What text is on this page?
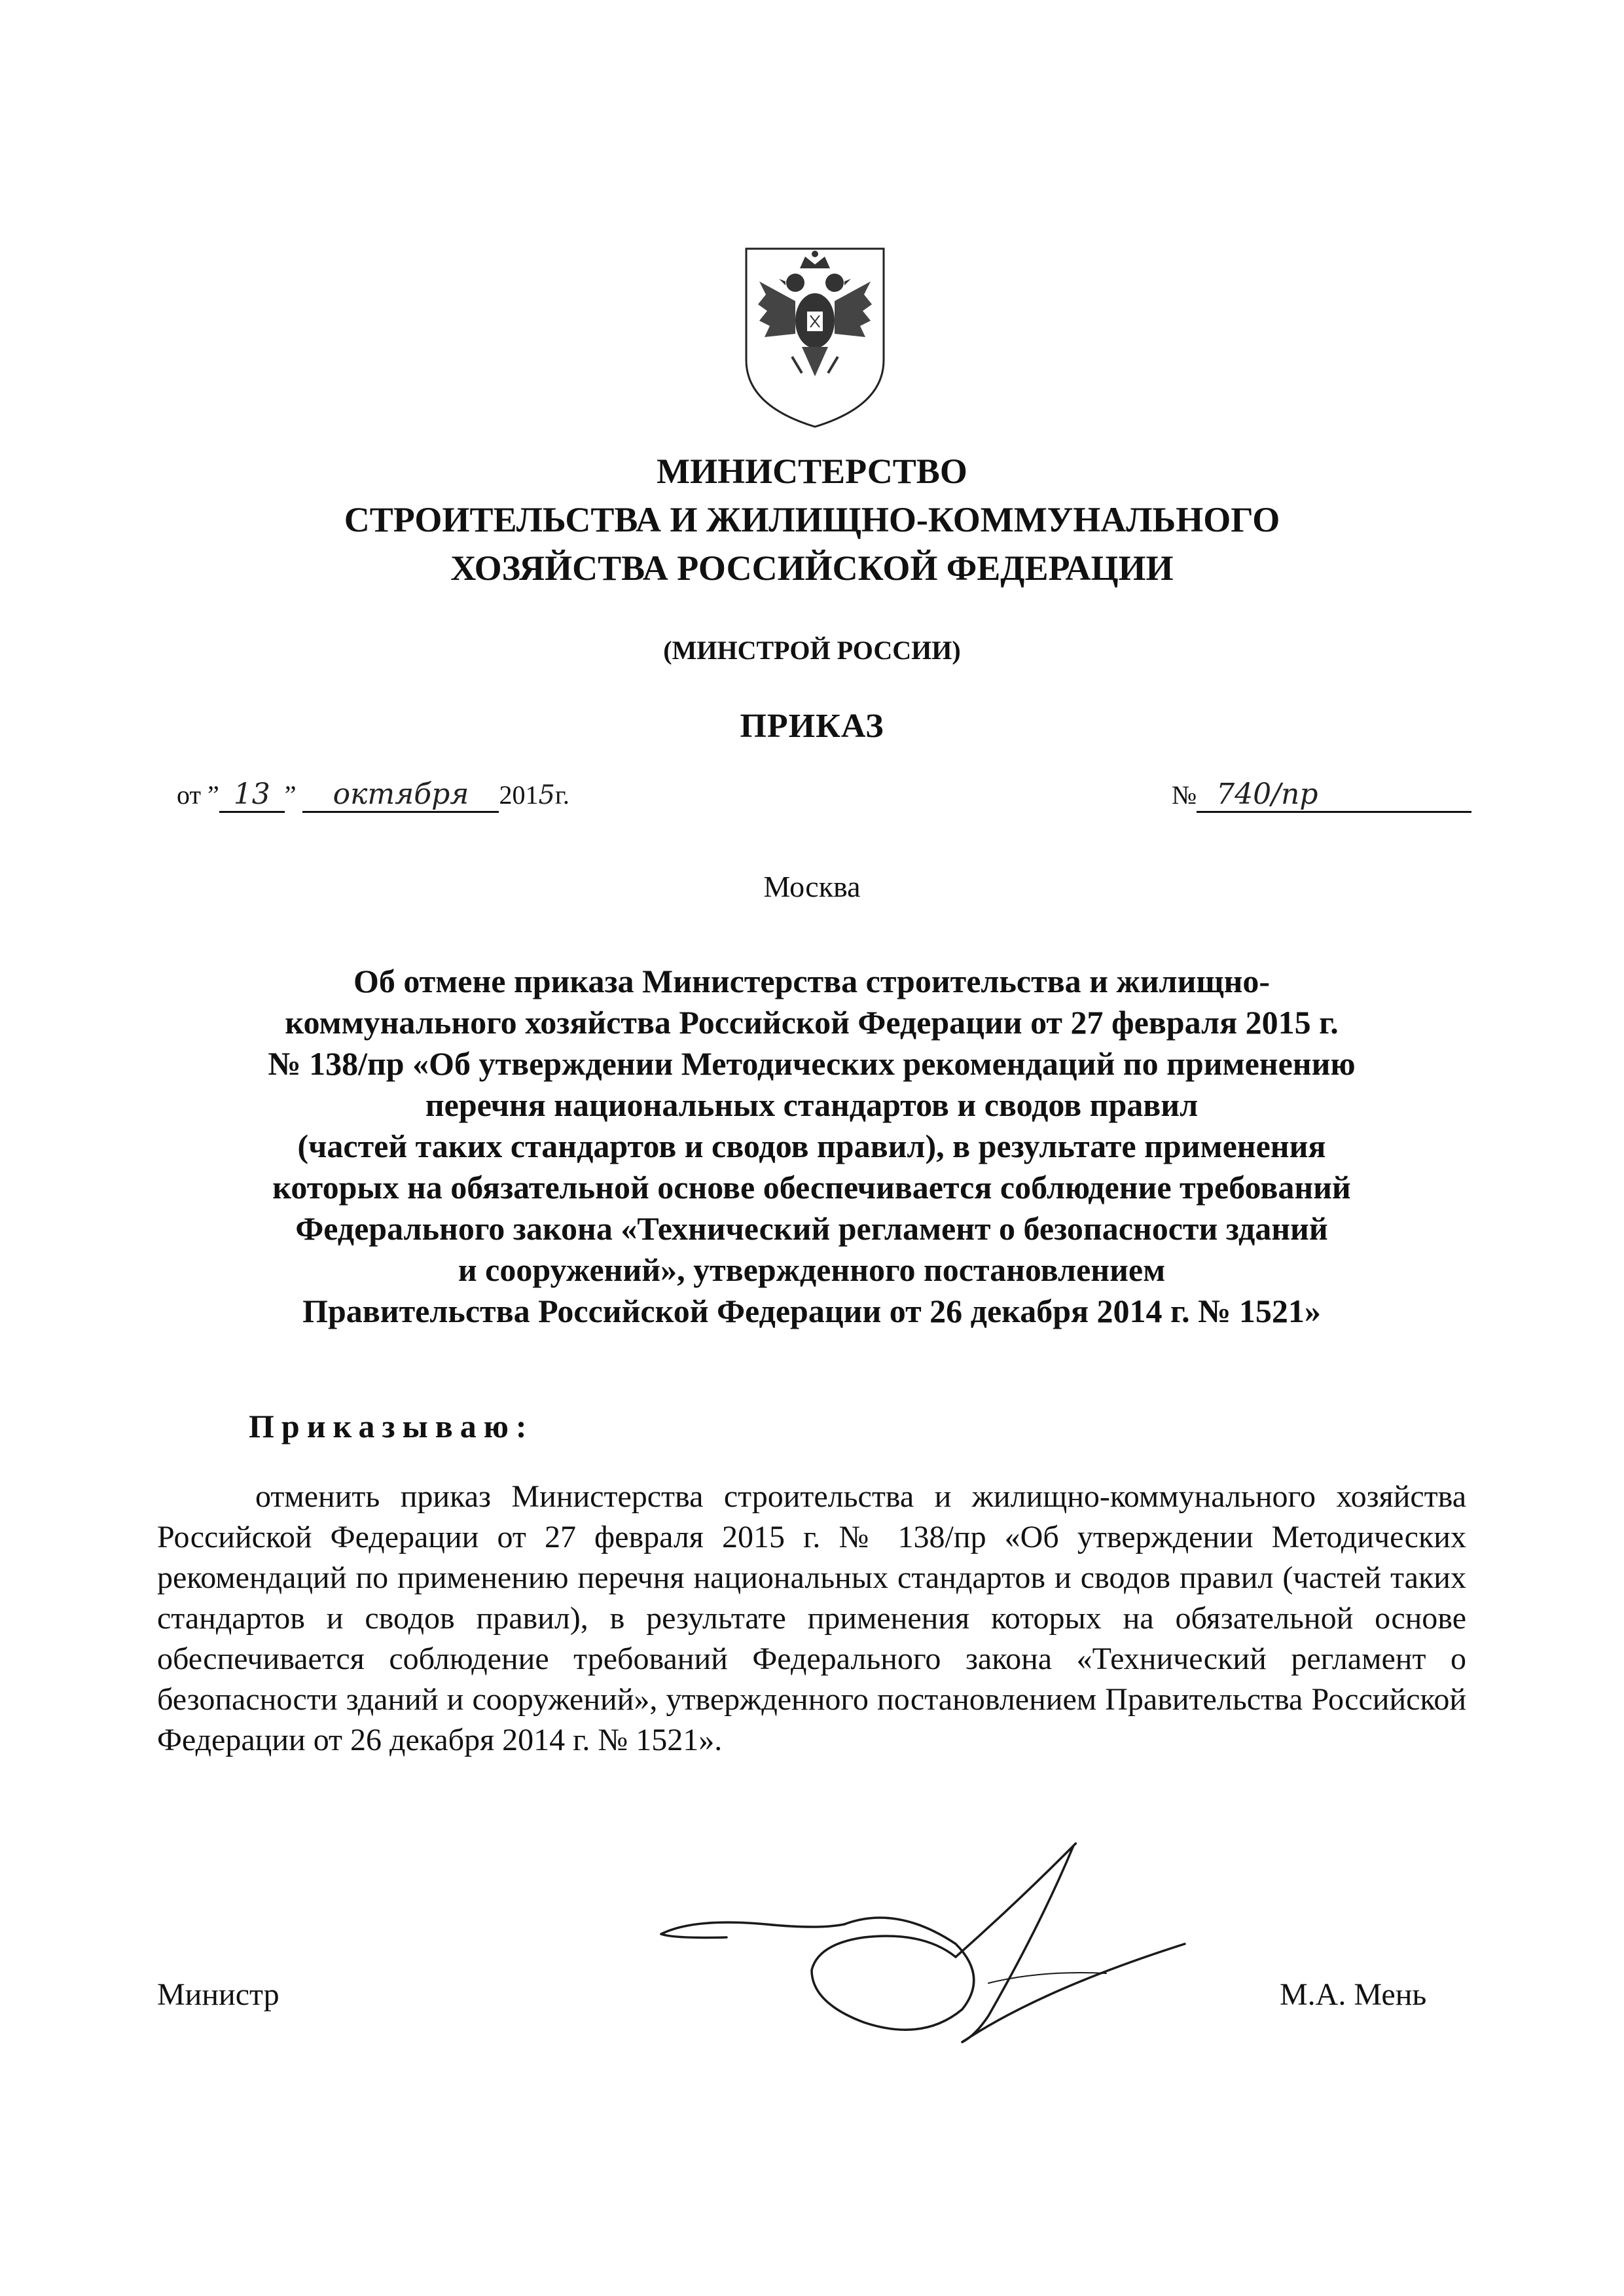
МИНИСТЕРСТВО
СТРОИТЕЛЬСТВА И ЖИЛИЩНО-КОММУНАЛЬНОГО
ХОЗЯЙСТВА РОССИЙСКОЙ ФЕДЕРАЦИИ
(МИНСТРОЙ РОССИИ)
ПРИКАЗ
от ” 13 ” октября 2015г.	№ 740/пр
Москва
Об отмене приказа Министерства строительства и жилищно-
коммунального хозяйства Российской Федерации от 27 февраля 2015 г.
№ 138/пр «Об утверждении Методических рекомендаций по применению
перечня национальных стандартов и сводов правил
(частей таких стандартов и сводов правил), в результате применения
которых на обязательной основе обеспечивается соблюдение требований
Федерального закона «Технический регламент о безопасности зданий
и сооружений», утвержденного постановлением
Правительства Российской Федерации от 26 декабря 2014 г. № 1521»
Приказываю:
отменить приказ Министерства строительства и жилищно-коммунального хозяйства Российской Федерации от 27 февраля 2015 г. № 138/пр «Об утверждении Методических рекомендаций по применению перечня национальных стандартов и сводов правил (частей таких стандартов и сводов правил), в результате применения которых на обязательной основе обеспечивается соблюдение требований Федерального закона «Технический регламент о безопасности зданий и сооружений», утвержденного постановлением Правительства Российской Федерации от 26 декабря 2014 г. № 1521».
Министр	М.А. Мень
